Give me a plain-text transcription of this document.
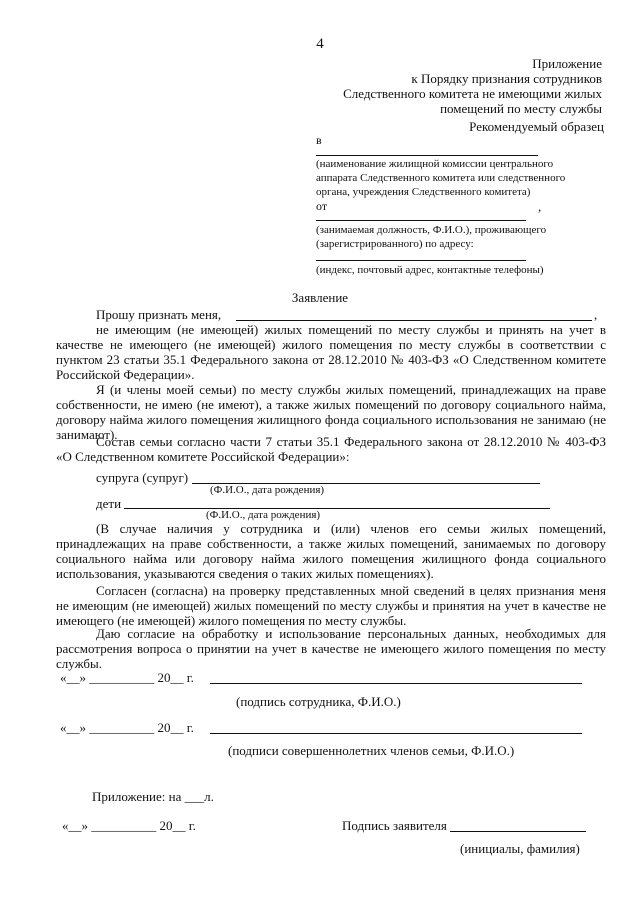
4
Приложение
к Порядку признания сотрудников
Следственного комитета не имеющими жилых
помещений по месту службы
Рекомендуемый образец
в
(наименование жилищной комиссии центрального аппарата Следственного комитета или следственного органа, учреждения Следственного комитета)
от	,
(занимаемая должность, Ф.И.О.), проживающего (зарегистрированного) по адресу:
(индекс, почтовый адрес, контактные телефоны)
Заявление
Прошу признать меня,	,

не имеющим (не имеющей) жилых помещений по месту службы и принять на учет в качестве не имеющего (не имеющей) жилого помещения по месту службы в соответствии с пунктом 23 статьи 35.1 Федерального закона от 28.12.2010 № 403-ФЗ «О Следственном комитете Российской Федерации».

Я (и члены моей семьи) по месту службы жилых помещений, принадлежащих на праве собственности, не имею (не имеют), а также жилых помещений по договору социального найма, договору найма жилого помещения жилищного фонда социального использования не занимаю (не занимают).

Состав семьи согласно части 7 статьи 35.1 Федерального закона от 28.12.2010 № 403-ФЗ «О Следственном комитете Российской Федерации»:

супруга (супруг)
(Ф.И.О., дата рождения)
дети
(Ф.И.О., дата рождения)

(В случае наличия у сотрудника и (или) членов его семьи жилых помещений, принадлежащих на праве собственности, а также жилых помещений, занимаемых по договору социального найма или договору найма жилого помещения жилищного фонда социального использования, указываются сведения о таких жилых помещениях).

Согласен (согласна) на проверку представленных мной сведений в целях признания меня не имеющим (не имеющей) жилых помещений по месту службы и принятия на учет в качестве не имеющего (не имеющей) жилого помещения по месту службы.

Даю согласие на обработку и использование персональных данных, необходимых для рассмотрения вопроса о принятии на учет в качестве не имеющего жилого помещения по месту службы.

«__» __________ 20__ г.
(подпись сотрудника, Ф.И.О.)
«__» __________ 20__ г.
(подписи совершеннолетних членов семьи, Ф.И.О.)
Приложение: на ___л.
«__» __________ 20__ г.	Подпись заявителя
(инициалы, фамилия)
